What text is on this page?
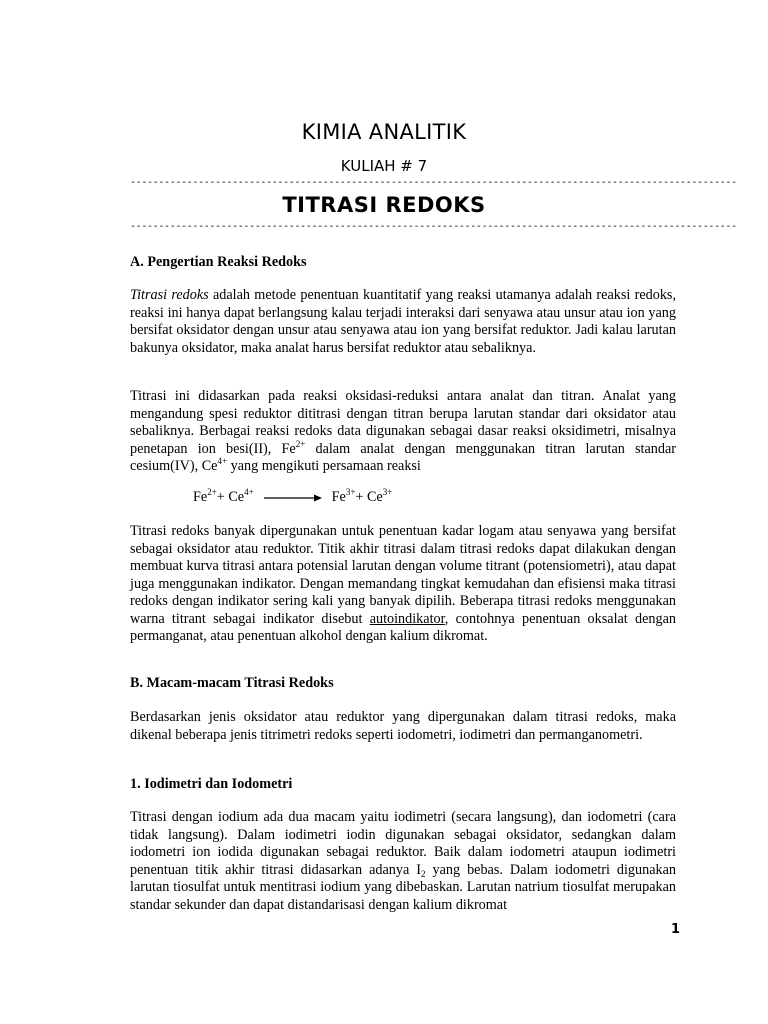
KIMIA ANALITIK
KULIAH # 7
-----------------------------------------------------------------------------------------------------------
TITRASI REDOKS
-----------------------------------------------------------------------------------------------------------
A. Pengertian Reaksi Redoks
Titrasi redoks adalah metode penentuan kuantitatif yang reaksi utamanya adalah reaksi redoks, reaksi ini hanya dapat berlangsung kalau terjadi interaksi dari senyawa atau unsur atau ion yang bersifat oksidator dengan unsur atau senyawa atau ion yang bersifat reduktor. Jadi kalau larutan bakunya oksidator, maka analat harus bersifat reduktor atau sebaliknya.
Titrasi ini didasarkan pada reaksi oksidasi-reduksi antara analat dan titran. Analat yang mengandung spesi reduktor dititrasi dengan titran berupa larutan standar dari oksidator atau sebaliknya. Berbagai reaksi redoks data digunakan sebagai dasar reaksi oksidimetri, misalnya penetapan ion besi(II), $Fe^{2+}$ dalam analat dengan menggunakan titran larutan standar cesium(IV), $Ce^{4+}$ yang mengikuti persamaan reaksi
$Fe^{2+}+ Ce^{4+}$	$Fe^{3+}+ Ce^{3+}$
Titrasi redoks banyak dipergunakan untuk penentuan kadar logam atau senyawa yang bersifat sebagai oksidator atau reduktor. Titik akhir titrasi dalam titrasi redoks dapat dilakukan dengan membuat kurva titrasi antara potensial larutan dengan volume titrant (potensiometri), atau dapat juga menggunakan indikator. Dengan memandang tingkat kemudahan dan efisiensi maka titrasi redoks dengan indikator sering kali yang banyak dipilih. Beberapa titrasi redoks menggunakan warna titrant sebagai indikator disebut autoindikator, contohnya penentuan oksalat dengan permanganat, atau penentuan alkohol dengan kalium dikromat.
B. Macam-macam Titrasi Redoks
Berdasarkan jenis oksidator atau reduktor yang dipergunakan dalam titrasi redoks, maka dikenal beberapa jenis titrimetri redoks seperti iodometri, iodimetri dan permanganometri.
1. Iodimetri dan Iodometri
Titrasi dengan iodium ada dua macam yaitu iodimetri (secara langsung), dan iodometri (cara tidak langsung). Dalam iodimetri iodin digunakan sebagai oksidator, sedangkan dalam iodometri ion iodida digunakan sebagai reduktor. Baik dalam iodometri ataupun iodimetri penentuan titik akhir titrasi didasarkan adanya $I_2$ yang bebas. Dalam iodometri digunakan larutan tiosulfat untuk mentitrasi iodium yang dibebaskan. Larutan natrium tiosulfat merupakan standar sekunder dan dapat distandarisasi dengan kalium dikromat
1
